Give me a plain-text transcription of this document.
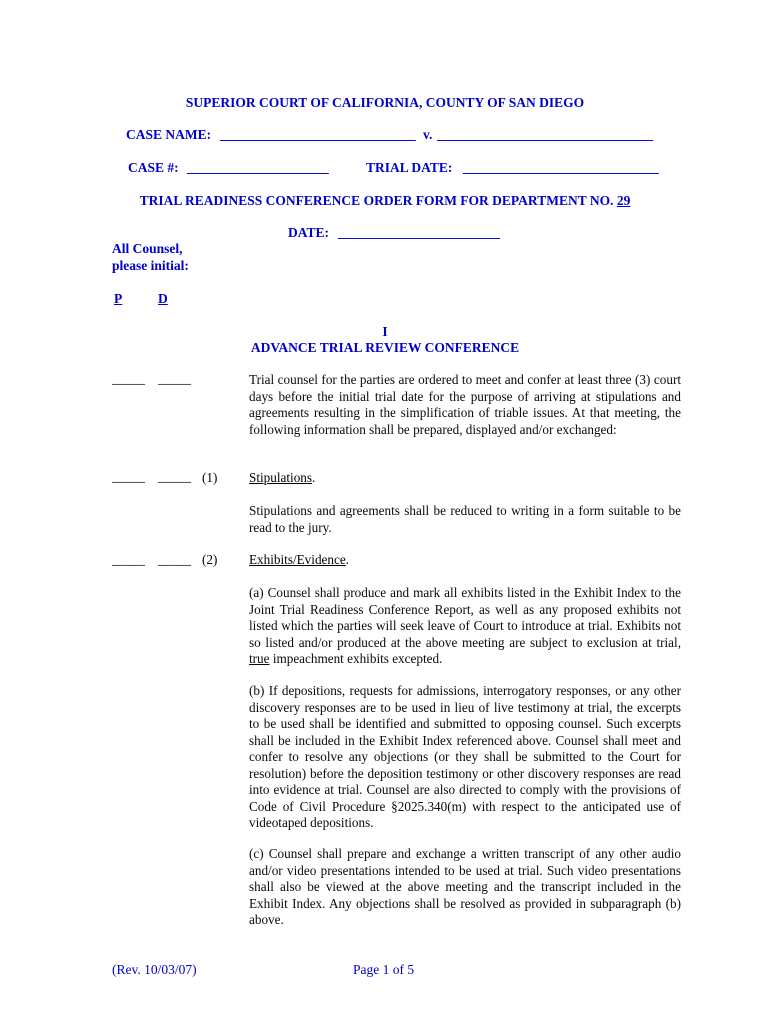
SUPERIOR COURT OF CALIFORNIA, COUNTY OF SAN DIEGO
CASE NAME: _____________________________ v. ________________________________
CASE #: _____________________	TRIAL DATE: _____________________________
TRIAL READINESS CONFERENCE ORDER FORM FOR DEPARTMENT NO. 29
DATE: ________________________
All Counsel,
please initial:
P	D
I
ADVANCE TRIAL REVIEW CONFERENCE
_____ _____	Trial counsel for the parties are ordered to meet and confer at least three (3) court days before the initial trial date for the purpose of arriving at stipulations and agreements resulting in the simplification of triable issues. At that meeting, the following information shall be prepared, displayed and/or exchanged:
_____ _____ (1) Stipulations.
Stipulations and agreements shall be reduced to writing in a form suitable to be read to the jury.
_____ _____ (2) Exhibits/Evidence.
(a) Counsel shall produce and mark all exhibits listed in the Exhibit Index to the Joint Trial Readiness Conference Report, as well as any proposed exhibits not listed which the parties will seek leave of Court to introduce at trial. Exhibits not so listed and/or produced at the above meeting are subject to exclusion at trial, true impeachment exhibits excepted.
(b) If depositions, requests for admissions, interrogatory responses, or any other discovery responses are to be used in lieu of live testimony at trial, the excerpts to be used shall be identified and submitted to opposing counsel. Such excerpts shall be included in the Exhibit Index referenced above. Counsel shall meet and confer to resolve any objections (or they shall be submitted to the Court for resolution) before the deposition testimony or other discovery responses are read into evidence at trial. Counsel are also directed to comply with the provisions of Code of Civil Procedure §2025.340(m) with respect to the anticipated use of videotaped depositions.
(c) Counsel shall prepare and exchange a written transcript of any other audio and/or video presentations intended to be used at trial. Such video presentations shall also be viewed at the above meeting and the transcript included in the Exhibit Index. Any objections shall be resolved as provided in subparagraph (b) above.
(Rev. 10/03/07)	Page 1 of 5
